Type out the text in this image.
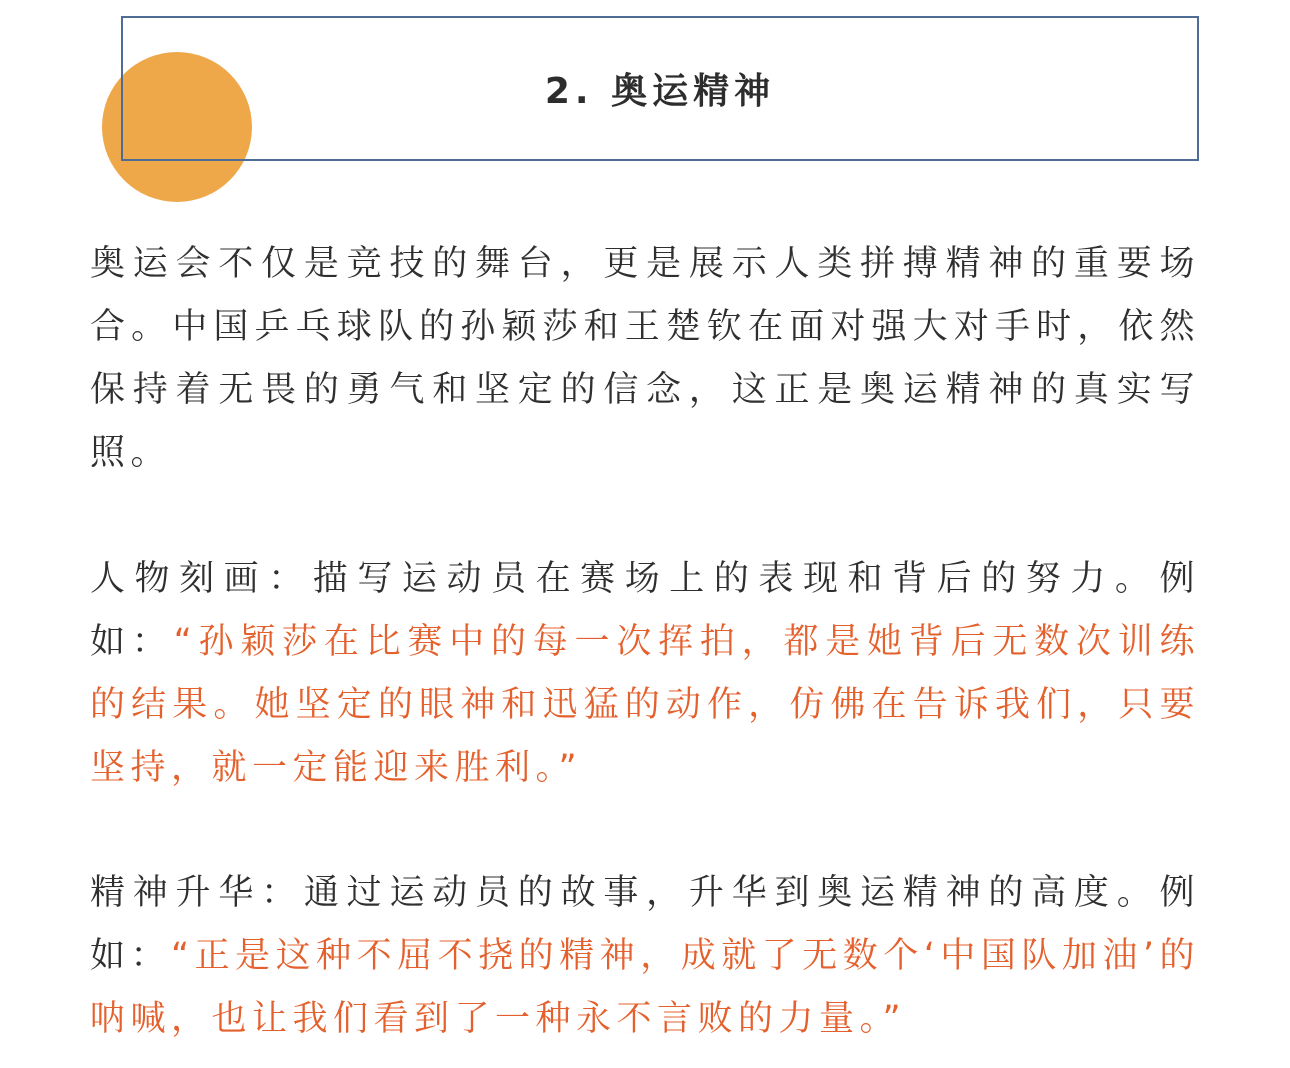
2. 奥运精神

奥运会不仅是竞技的舞台，更是展示人类拼搏精神的重要场合。中国乒乓球队的孙颖莎和王楚钦在面对强大对手时，依然保持着无畏的勇气和坚定的信念，这正是奥运精神的真实写照。

人物刻画：描写运动员在赛场上的表现和背后的努力。例如：“孙颖莎在比赛中的每一次挥拍，都是她背后无数次训练的结果。她坚定的眼神和迅猛的动作，仿佛在告诉我们，只要坚持，就一定能迎来胜利。”

精神升华：通过运动员的故事，升华到奥运精神的高度。例如：“正是这种不屈不挠的精神，成就了无数个‘中国队加油’的呐喊，也让我们看到了一种永不言败的力量。”
